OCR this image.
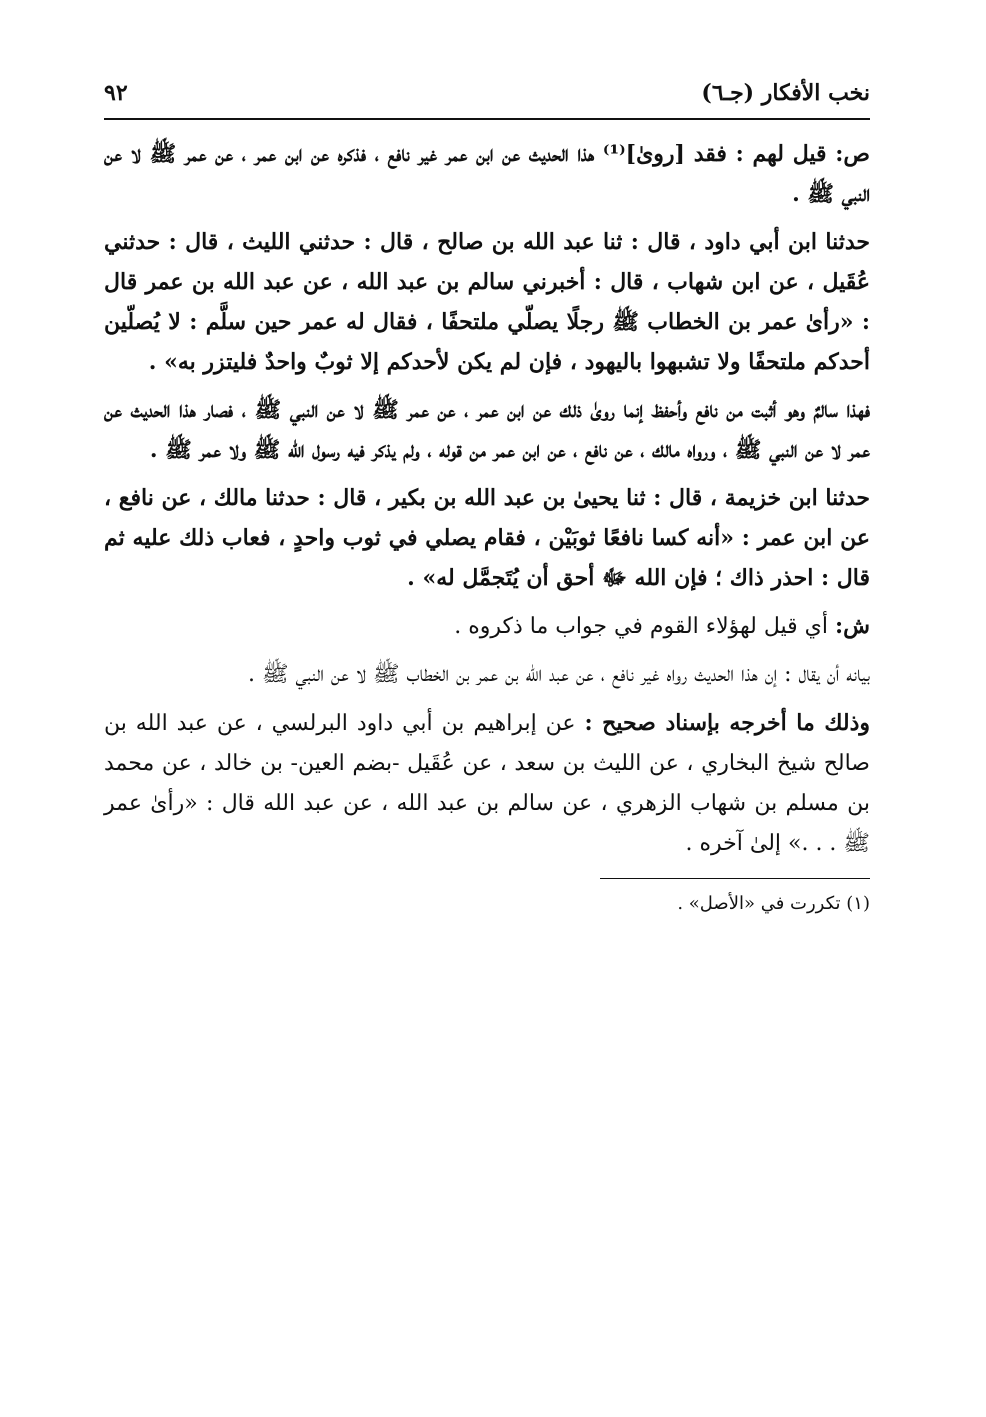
نخب الأفكار (جـ٦)
٩٢

ص: قيل لهم : فقد [روىٰ]⁽¹⁾ هذا الحديث عن ابن عمر غير نافع ، فذكره عن ابن عمر ، عن عمر ﷺ لا عن النبي ﷺ .

حدثنا ابن أبي داود ، قال : ثنا عبد الله بن صالح ، قال : حدثني الليث ، قال : حدثني عُقَيل ، عن ابن شهاب ، قال : أخبرني سالم بن عبد الله ، عن عبد الله بن عمر قال : «رأىٰ عمر بن الخطاب ﷺ رجلًا يصلّي ملتحفًا ، فقال له عمر حين سلَّم : لا يُصلّين أحدكم ملتحفًا ولا تشبهوا باليهود ، فإن لم يكن لأحدكم إلا ثوبٌ واحدٌ فليتزر به» .

فهذا سالمٌ وهو أثبت من نافع وأحفظ إنما روىٰ ذلك عن ابن عمر ، عن عمر ﷺ لا عن النبي ﷺ ، فصار هذا الحديث عن عمر لا عن النبي ﷺ ، ورواه مالك ، عن نافع ، عن ابن عمر من قوله ، ولم يذكر فيه رسول الله ﷺ ولا عمر ﷺ .

حدثنا ابن خزيمة ، قال : ثنا يحيىٰ بن عبد الله بن بكير ، قال : حدثنا مالك ، عن نافع ، عن ابن عمر : «أنه كسا نافعًا ثوبَيْن ، فقام يصلي في ثوب واحدٍ ، فعاب ذلك عليه ثم قال : احذر ذاك ؛ فإن الله ﷻ أحق أن يُتَجمَّل له» .

ش: أي قيل لهؤلاء القوم في جواب ما ذكروه .

بيانه أن يقال : إن هذا الحديث رواه غير نافع ، عن عبد الله بن عمر بن الخطاب ﷺ لا عن النبي ﷺ .

وذلك ما أخرجه بإسناد صحيح : عن إبراهيم بن أبي داود البرلسي ، عن عبد الله بن صالح شيخ البخاري ، عن الليث بن سعد ، عن عُقَيل -بضم العين- بن خالد ، عن محمد بن مسلم بن شهاب الزهري ، عن سالم بن عبد الله ، عن عبد الله قال : «رأىٰ عمر ﷺ . . .» إلىٰ آخره .

(١) تكررت في «الأصل» .
